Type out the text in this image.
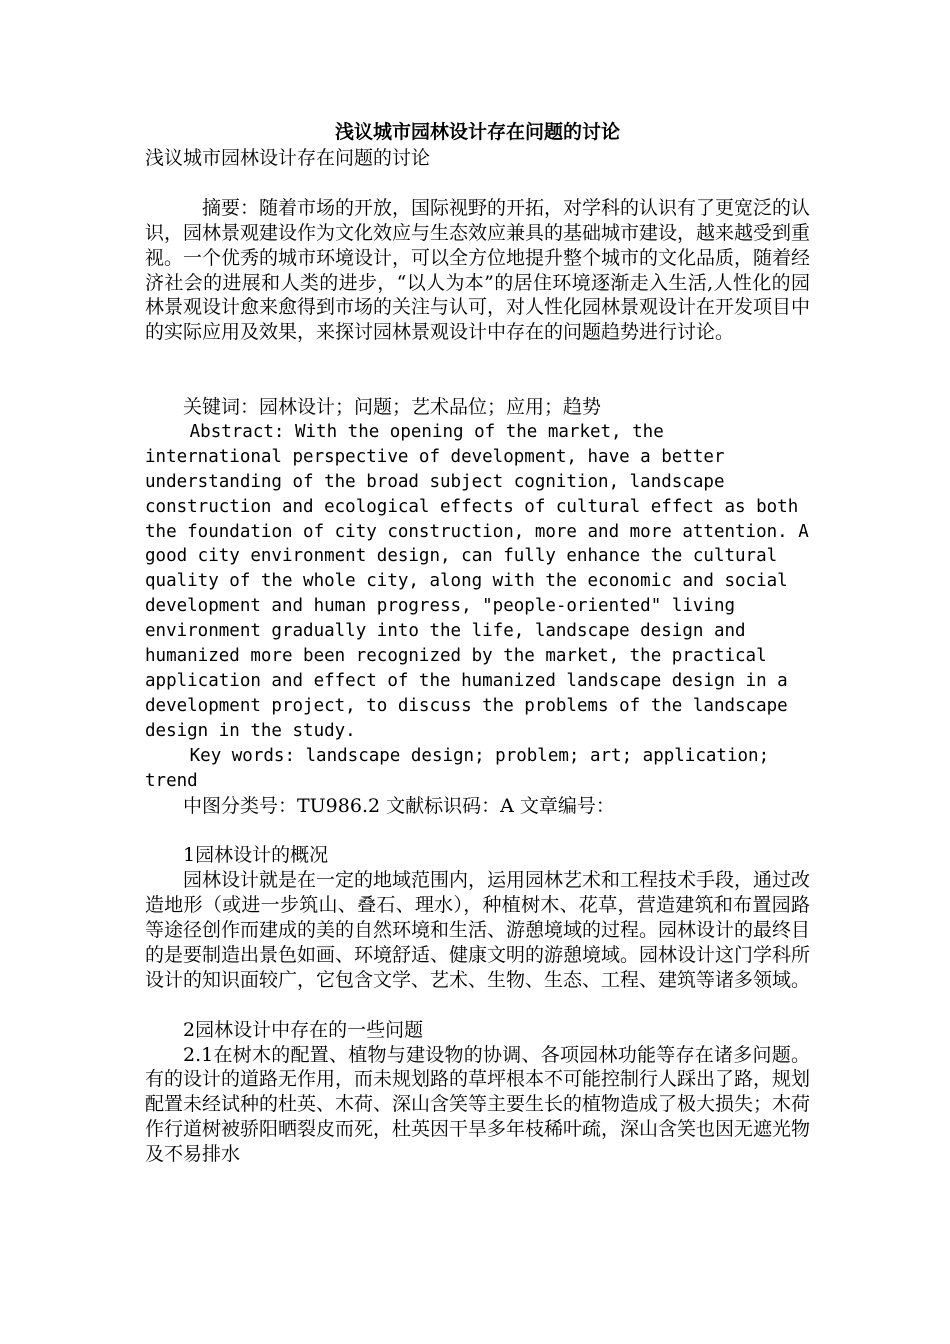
浅议城市园林设计存在问题的讨论

浅议城市园林设计存在问题的讨论

摘要：随着市场的开放，国际视野的开拓，对学科的认识有了更宽泛的认识，园林景观建设作为文化效应与生态效应兼具的基础城市建设，越来越受到重视。一个优秀的城市环境设计，可以全方位地提升整个城市的文化品质，随着经济社会的进展和人类的进步，“以人为本”的居住环境逐渐走入生活,人性化的园林景观设计愈来愈得到市场的关注与认可，对人性化园林景观设计在开发项目中的实际应用及效果，来探讨园林景观设计中存在的问题趋势进行讨论。

关键词：园林设计；问题；艺术品位；应用；趋势

Abstract: With the opening of the market, the international perspective of development, have a better understanding of the broad subject cognition, landscape construction and ecological effects of cultural effect as both the foundation of city construction, more and more attention. A good city environment design, can fully enhance the cultural quality of the whole city, along with the economic and social development and human progress, "people-oriented" living environment gradually into the life, landscape design and humanized more been recognized by the market, the practical application and effect of the humanized landscape design in a development project, to discuss the problems of the landscape design in the study.

Key words: landscape design; problem; art; application; trend

中图分类号：TU986.2 文献标识码：A 文章编号：

1园林设计的概况

园林设计就是在一定的地域范围内，运用园林艺术和工程技术手段，通过改造地形（或进一步筑山、叠石、理水），种植树木、花草，营造建筑和布置园路等途径创作而建成的美的自然环境和生活、游憩境域的过程。园林设计的最终目的是要制造出景色如画、环境舒适、健康文明的游憩境域。园林设计这门学科所设计的知识面较广，它包含文学、艺术、生物、生态、工程、建筑等诸多领域。

2园林设计中存在的一些问题

2.1在树木的配置、植物与建设物的协调、各项园林功能等存在诸多问题。有的设计的道路无作用，而未规划路的草坪根本不可能控制行人踩出了路，规划配置未经试种的杜英、木荷、深山含笑等主要生长的植物造成了极大损失；木荷作行道树被骄阳晒裂皮而死，杜英因干旱多年枝稀叶疏，深山含笑也因无遮光物及不易排水
